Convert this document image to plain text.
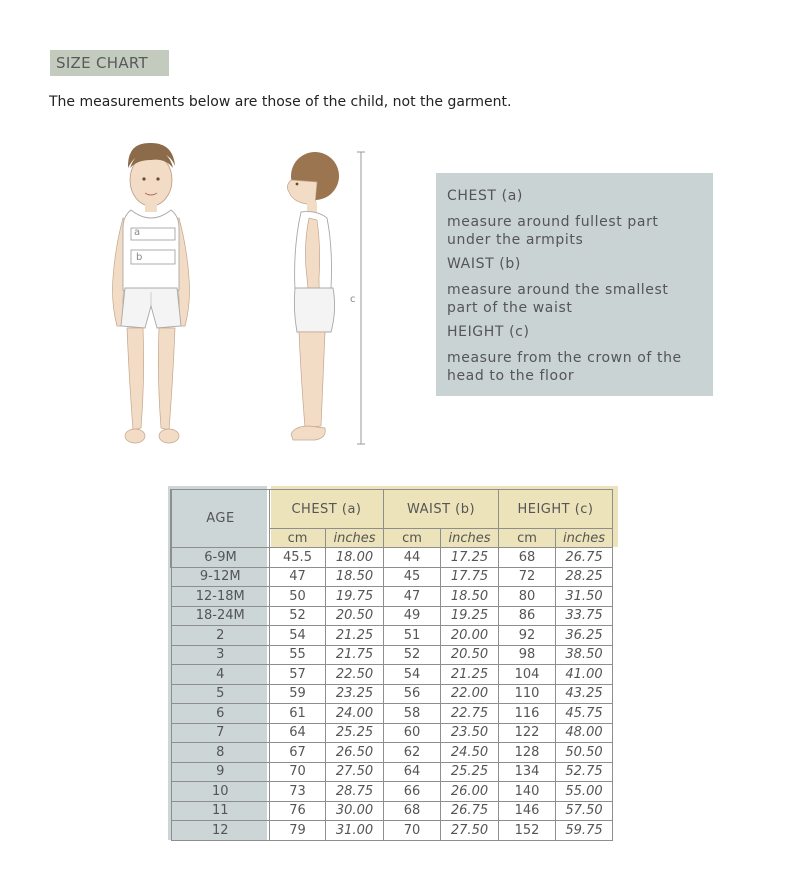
SIZE CHART
The measurements below are those of the child, not the garment.
a
b
c

CHEST (a)

measure around fullest part under the armpits

WAIST (b)

measure around the smallest part of the waist

HEIGHT (c)

measure from the crown of the head to the floor

AGE	CHEST (a)		WAIST (b)		HEIGHT (c)	
	cm	inches	cm	inches	cm	inches
6-9M	45.5	18.00	44	17.25	68	26.75
9-12M	47	18.50	45	17.75	72	28.25
12-18M	50	19.75	47	18.50	80	31.50
18-24M	52	20.50	49	19.25	86	33.75
2	54	21.25	51	20.00	92	36.25
3	55	21.75	52	20.50	98	38.50
4	57	22.50	54	21.25	104	41.00
5	59	23.25	56	22.00	110	43.25
6	61	24.00	58	22.75	116	45.75
7	64	25.25	60	23.50	122	48.00
8	67	26.50	62	24.50	128	50.50
9	70	27.50	64	25.25	134	52.75
10	73	28.75	66	26.00	140	55.00
11	76	30.00	68	26.75	146	57.50
12	79	31.00	70	27.50	152	59.75
